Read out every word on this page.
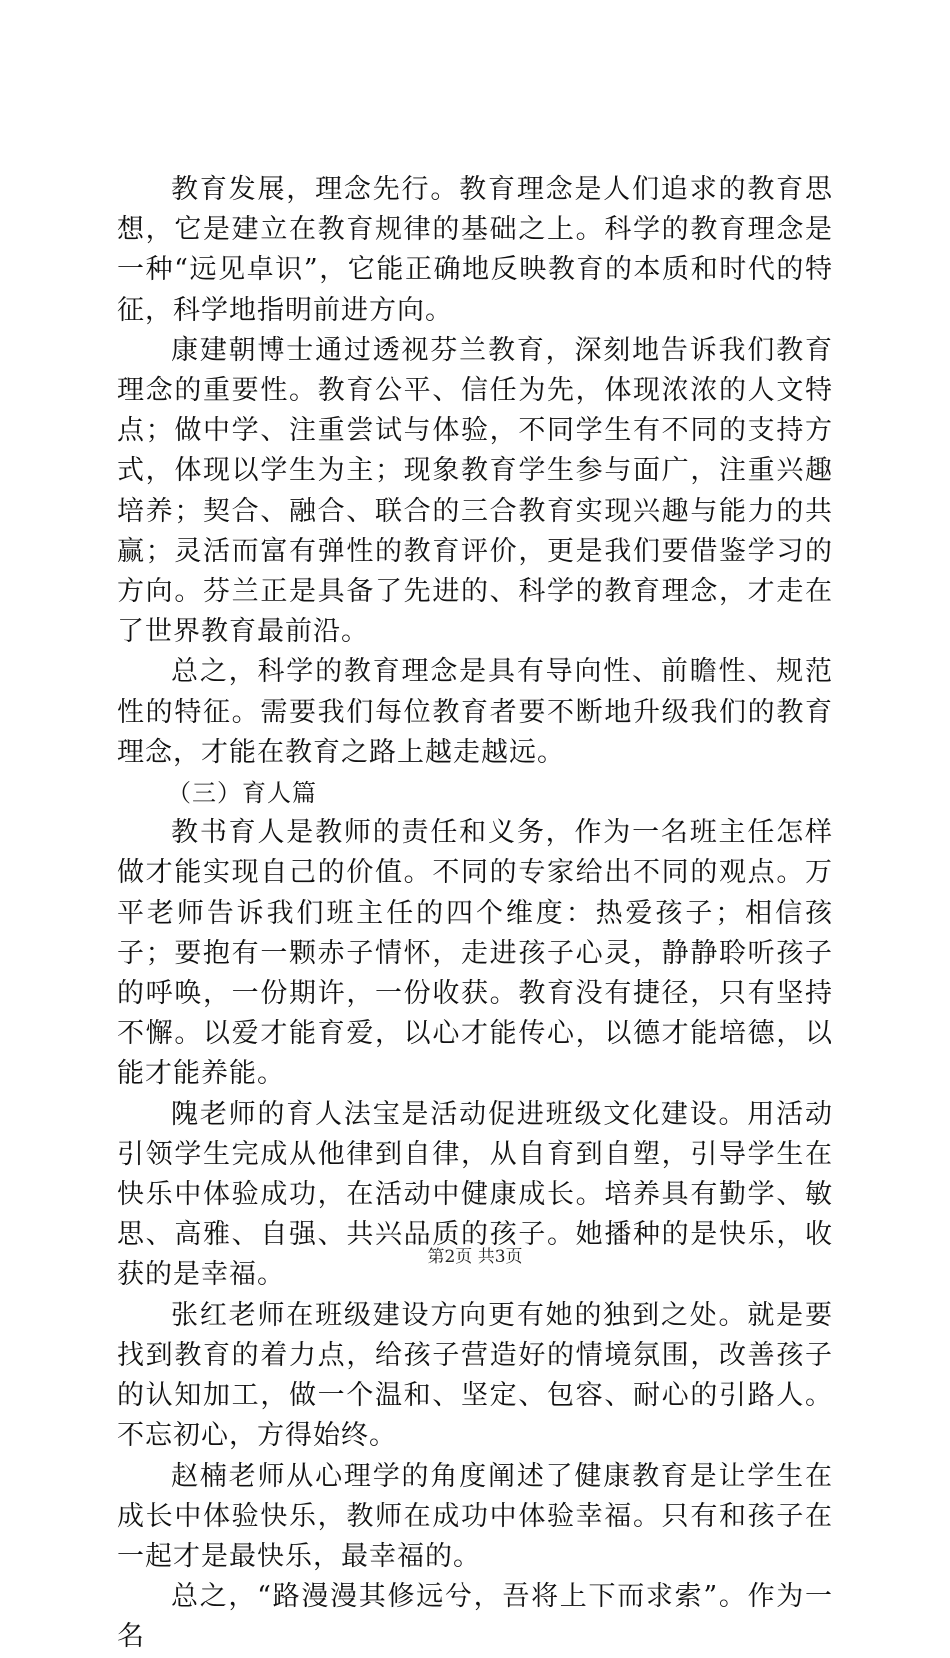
教育发展，理念先行。教育理念是人们追求的教育思想，它是建立在教育规律的基础之上。科学的教育理念是一种“远见卓识”，它能正确地反映教育的本质和时代的特征，科学地指明前进方向。

康建朝博士通过透视芬兰教育，深刻地告诉我们教育理念的重要性。教育公平、信任为先，体现浓浓的人文特点；做中学、注重尝试与体验，不同学生有不同的支持方式，体现以学生为主；现象教育学生参与面广，注重兴趣培养；契合、融合、联合的三合教育实现兴趣与能力的共赢；灵活而富有弹性的教育评价，更是我们要借鉴学习的方向。芬兰正是具备了先进的、科学的教育理念，才走在了世界教育最前沿。

总之，科学的教育理念是具有导向性、前瞻性、规范性的特征。需要我们每位教育者要不断地升级我们的教育理念，才能在教育之路上越走越远。

（三）育人篇

教书育人是教师的责任和义务，作为一名班主任怎样做才能实现自己的价值。不同的专家给出不同的观点。万平老师告诉我们班主任的四个维度：热爱孩子；相信孩子；要抱有一颗赤子情怀，走进孩子心灵，静静聆听孩子的呼唤，一份期许，一份收获。教育没有捷径，只有坚持不懈。以爱才能育爱，以心才能传心，以德才能培德，以能才能养能。

隗老师的育人法宝是活动促进班级文化建设。用活动引领学生完成从他律到自律，从自育到自塑，引导学生在快乐中体验成功，在活动中健康成长。培养具有勤学、敏思、高雅、自强、共兴品质的孩子。她播种的是快乐，收获的是幸福。

张红老师在班级建设方向更有她的独到之处。就是要找到教育的着力点，给孩子营造好的情境氛围，改善孩子的认知加工，做一个温和、坚定、包容、耐心的引路人。不忘初心，方得始终。

赵楠老师从心理学的角度阐述了健康教育是让学生在成长中体验快乐，教师在成功中体验幸福。只有和孩子在一起才是最快乐，最幸福的。

总之，“路漫漫其修远兮，吾将上下而求索”。作为一名

第2页 共3页
